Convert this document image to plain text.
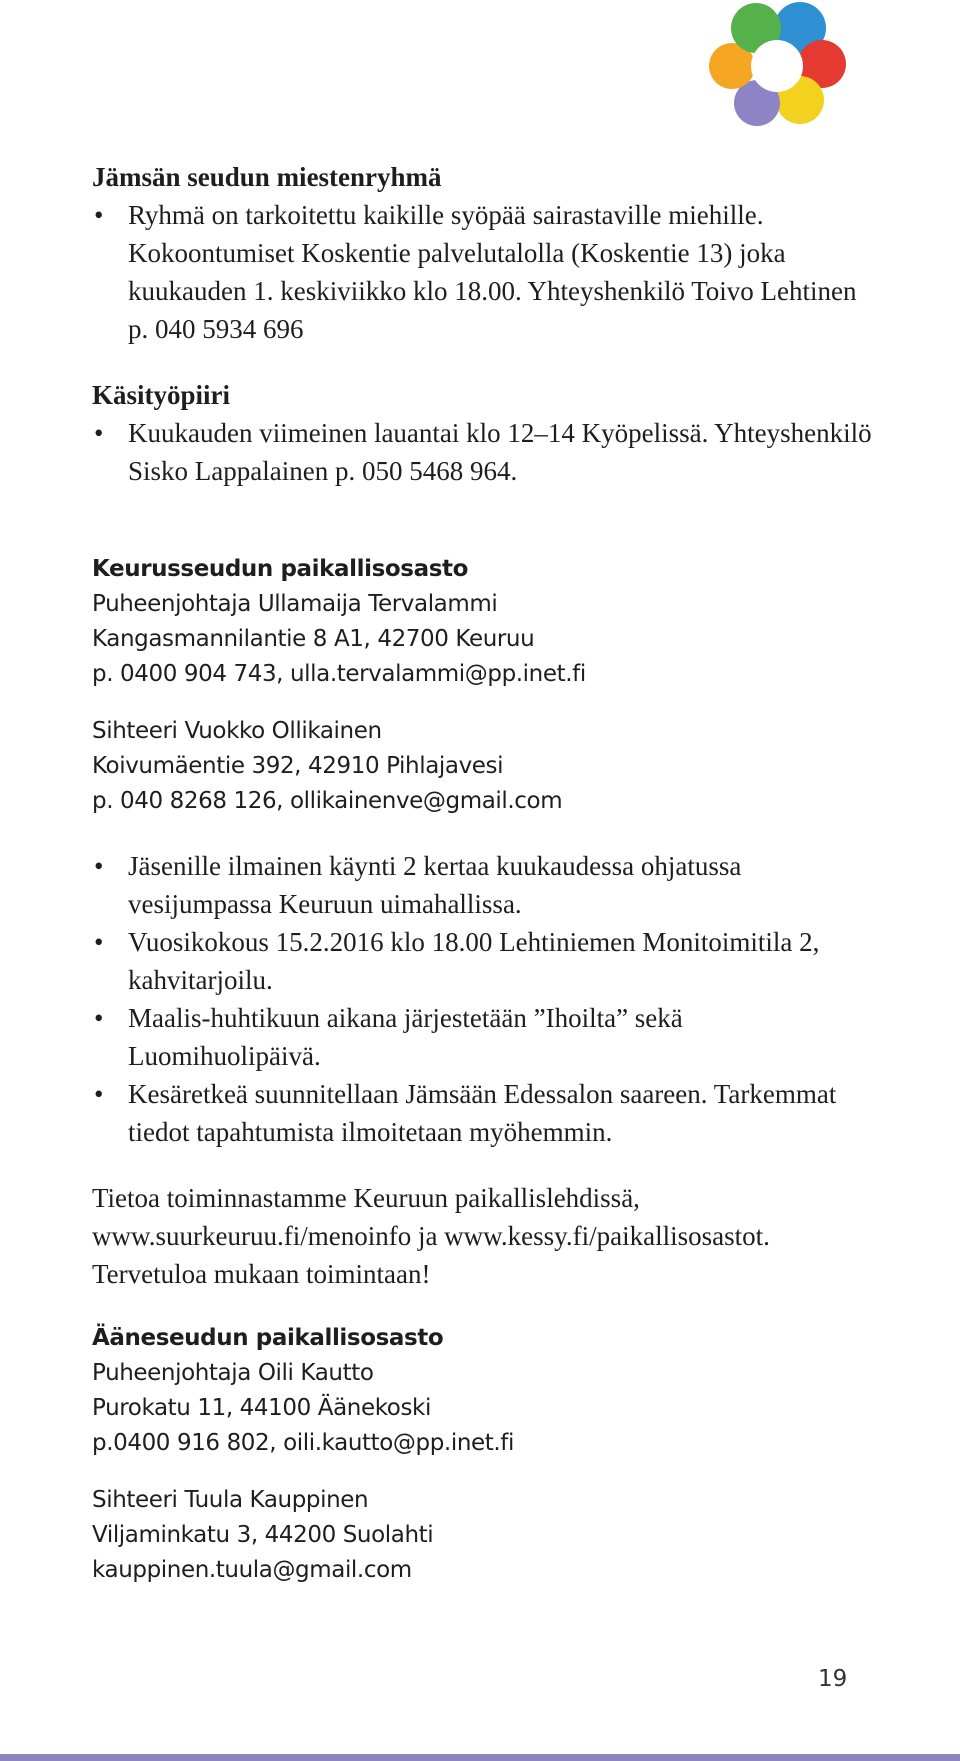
Jämsän seudun miestenryhmä
• Ryhmä on tarkoitettu kaikille syöpää sairastaville miehille. Kokoontumiset Koskentie palvelutalolla (Koskentie 13) joka kuukauden 1. keskiviikko klo 18.00. Yhteyshenkilö Toivo Lehtinen p. 040 5934 696
Käsityöpiiri
• Kuukauden viimeinen lauantai klo 12–14 Kyöpelissä. Yhteyshenkilö Sisko Lappalainen p. 050 5468 964.
Keurusseudun paikallisosasto

Puheenjohtaja Ullamaija Tervalammi

Kangasmannilantie 8 A1, 42700 Keuruu

p. 0400 904 743, ulla.tervalammi@pp.inet.fi

Sihteeri Vuokko Ollikainen

Koivumäentie 392, 42910 Pihlajavesi

p. 040 8268 126, ollikainenve@gmail.com

• Jäsenille ilmainen käynti 2 kertaa kuukaudessa ohjatussa vesijumpassa Keuruun uimahallissa.
• Vuosikokous 15.2.2016 klo 18.00 Lehtiniemen Monitoimitila 2, kahvitarjoilu.
• Maalis-huhtikuun aikana järjestetään ”Ihoilta” sekä Luomihuolipäivä.
• Kesäretkeä suunnitellaan Jämsään Edessalon saareen. Tarkemmat tiedot tapahtumista ilmoitetaan myöhemmin.

Tietoa toiminnastamme Keuruun paikallislehdissä,

www.suurkeuruu.fi/menoinfo ja www.kessy.fi/paikallisosastot.

Tervetuloa mukaan toimintaan!

Ääneseudun paikallisosasto

Puheenjohtaja Oili Kautto

Purokatu 11, 44100 Äänekoski

p.0400 916 802, oili.kautto@pp.inet.fi

Sihteeri Tuula Kauppinen

Viljaminkatu 3, 44200 Suolahti

kauppinen.tuula@gmail.com

19
